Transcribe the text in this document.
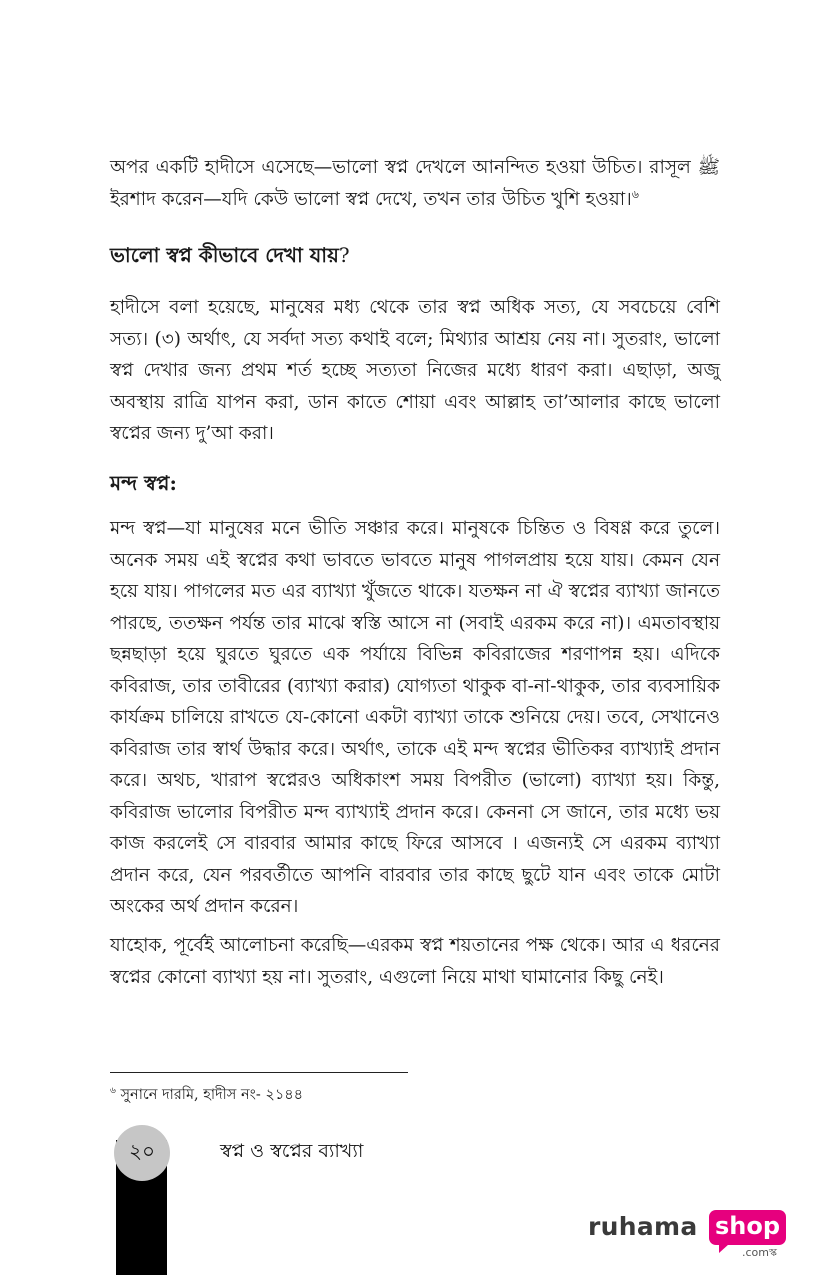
অপর একটি হাদীসে এসেছে—ভালো স্বপ্ন দেখলে আনন্দিত হওয়া উচিত। রাসূল ﷺ ইরশাদ করেন—যদি কেউ ভালো স্বপ্ন দেখে, তখন তার উচিত খুশি হওয়া।$^৬$

ভালো স্বপ্ন কীভাবে দেখা যায়?

হাদীসে বলা হয়েছে, মানুষের মধ্য থেকে তার স্বপ্ন অধিক সত্য, যে সবচেয়ে বেশি সত্য। (৩) অর্থাৎ, যে সর্বদা সত্য কথাই বলে; মিথ্যার আশ্রয় নেয় না। সুতরাং, ভালো স্বপ্ন দেখার জন্য প্রথম শর্ত হচ্ছে সত্যতা নিজের মধ্যে ধারণ করা। এছাড়া, অজু অবস্থায় রাত্রি যাপন করা, ডান কাতে শোয়া এবং আল্লাহ তা’আলার কাছে ভালো স্বপ্নের জন্য দু’আ করা।

মন্দ স্বপ্ন:

মন্দ স্বপ্ন—যা মানুষের মনে ভীতি সঞ্চার করে। মানুষকে চিন্তিত ও বিষণ্ণ করে তুলে। অনেক সময় এই স্বপ্নের কথা ভাবতে ভাবতে মানুষ পাগলপ্রায় হয়ে যায়। কেমন যেন হয়ে যায়। পাগলের মত এর ব্যাখ্যা খুঁজতে থাকে। যতক্ষন না ঐ স্বপ্নের ব্যাখ্যা জানতে পারছে, ততক্ষন পর্যন্ত তার মাঝে স্বস্তি আসে না (সবাই এরকম করে না)। এমতাবস্থায় ছন্নছাড়া হয়ে ঘুরতে ঘুরতে এক পর্যায়ে বিভিন্ন কবিরাজের শরণাপন্ন হয়। এদিকে কবিরাজ, তার তাবীরের (ব্যাখ্যা করার) যোগ্যতা থাকুক বা-না-থাকুক, তার ব্যবসায়িক কার্যক্রম চালিয়ে রাখতে যে-কোনো একটা ব্যাখ্যা তাকে শুনিয়ে দেয়। তবে, সেখানেও কবিরাজ তার স্বার্থ উদ্ধার করে। অর্থাৎ, তাকে এই মন্দ স্বপ্নের ভীতিকর ব্যাখ্যাই প্রদান করে। অথচ, খারাপ স্বপ্নেরও অধিকাংশ সময় বিপরীত (ভালো) ব্যাখ্যা হয়। কিন্তু, কবিরাজ ভালোর বিপরীত মন্দ ব্যাখ্যাই প্রদান করে। কেননা সে জানে, তার মধ্যে ভয় কাজ করলেই সে বারবার আমার কাছে ফিরে আসবে । এজন্যই সে এরকম ব্যাখ্যা প্রদান করে, যেন পরবর্তীতে আপনি বারবার তার কাছে ছুটে যান এবং তাকে মোটা অংকের অর্থ প্রদান করেন।

যাহোক, পূর্বেই আলোচনা করেছি—এরকম স্বপ্ন শয়তানের পক্ষ থেকে। আর এ ধরনের স্বপ্নের কোনো ব্যাখ্যা হয় না। সুতরাং, এগুলো নিয়ে মাথা ঘামানোর কিছু নেই।

$^৬$ সুনানে দারমি, হাদীস নং- ২১৪৪
২০	স্বপ্ন ও স্বপ্নের ব্যাখ্যা
ruhama shop
.comস্ক
